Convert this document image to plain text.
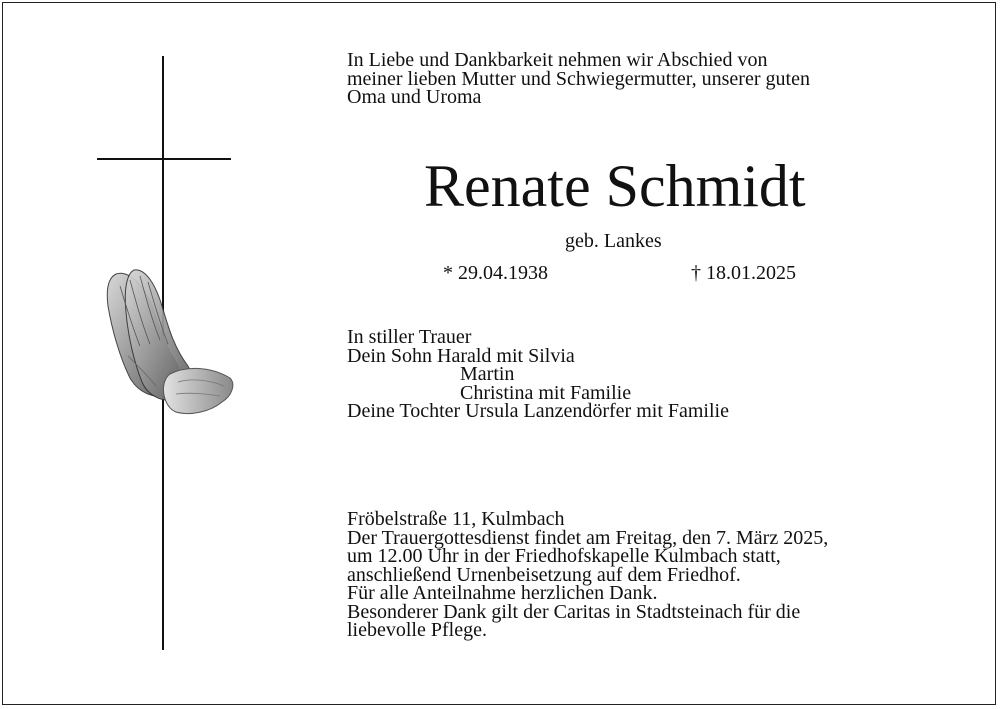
In Liebe und Dankbarkeit nehmen wir Abschied von
meiner lieben Mutter und Schwiegermutter, unserer guten
Oma und Uroma
Renate Schmidt
geb. Lankes
* 29.04.1938	† 18.01.2025
In stiller Trauer
Dein Sohn Harald mit Silvia
Martin
Christina mit Familie
Deine Tochter Ursula Lanzendörfer mit Familie
Fröbelstraße 11, Kulmbach
Der Trauergottesdienst findet am Freitag, den 7. März 2025,
um 12.00 Uhr in der Friedhofskapelle Kulmbach statt,
anschließend Urnenbeisetzung auf dem Friedhof.
Für alle Anteilnahme herzlichen Dank.
Besonderer Dank gilt der Caritas in Stadtsteinach für die
liebevolle Pflege.
